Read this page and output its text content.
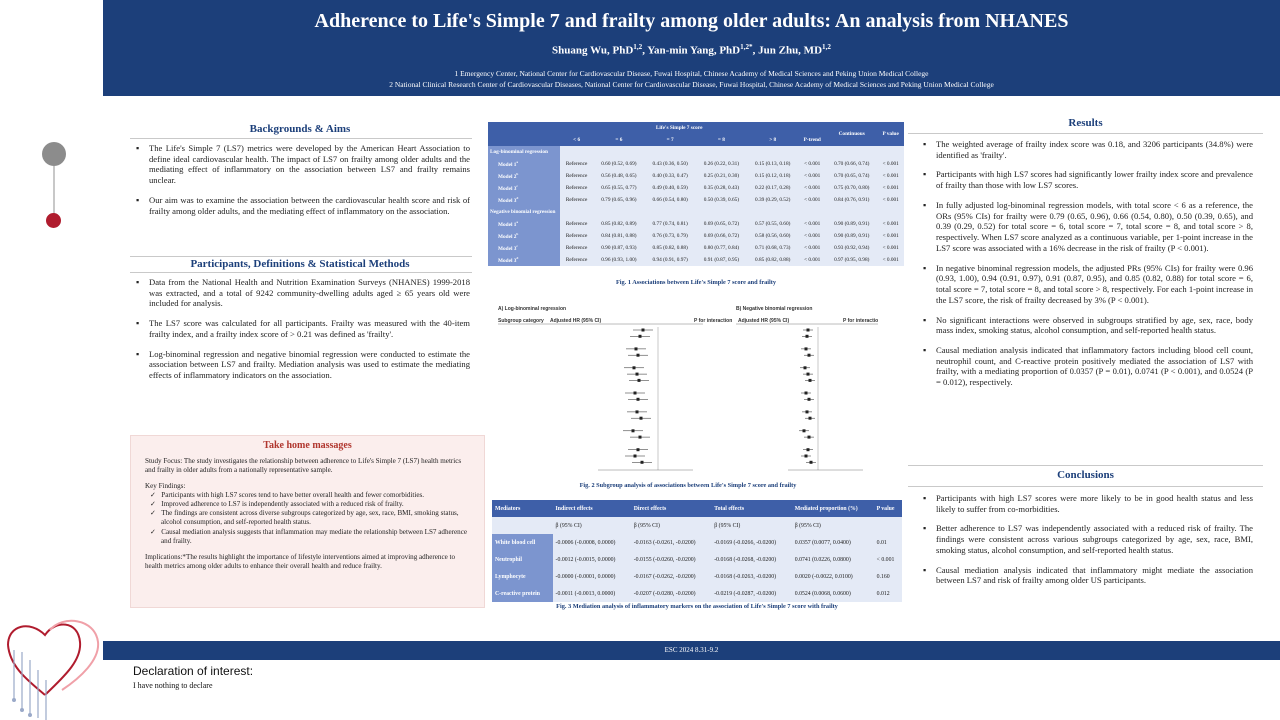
Adherence to Life's Simple 7 and frailty among older adults: An analysis from NHANES
Shuang Wu, PhD$^{1,2}$, Yan-min Yang, PhD$^{1,2*}$, Jun Zhu, MD$^{1,2}$
1 Emergency Center, National Center for Cardiovascular Disease, Fuwai Hospital, Chinese Academy of Medical Sciences and Peking Union Medical College
2 National Clinical Research Center of Cardiovascular Diseases, National Center for Cardiovascular Disease, Fuwai Hospital, Chinese Academy of Medical Sciences and Peking Union Medical College
Backgrounds & Aims
▪ The Life's Simple 7 (LS7) metrics were developed by the American Heart Association to define ideal cardiovascular health. The impact of LS7 on frailty among older adults and the mediating effect of inflammatory on the association between LS7 and frailty remains unclear.
▪ Our aim was to examine the association between the cardiovascular health score and risk of frailty among older adults, and the mediating effect of inflammatory on the association.
Participants, Definitions & Statistical Methods
▪ Data from the National Health and Nutrition Examination Surveys (NHANES) 1999-2018 was extracted, and a total of 9242 community-dwelling adults aged ≥ 65 years old were included for analysis.
▪ The LS7 score was calculated for all participants. Frailty was measured with the 40-item frailty index, and a frailty index score of > 0.21 was defined as 'frailty'.
▪ Log-binominal regression and negative binomial regression were conducted to estimate the association between LS7 and frailty. Mediation analysis was used to estimate the mediating effects of inflammatory indicators on the association.
Take home massages

Study Focus: The study investigates the relationship between adherence to Life's Simple 7 (LS7) health metrics and frailty in older adults from a nationally representative sample.

Key Findings:
✓   Participants with high LS7 scores tend to have better overall health and fewer comorbidities.
✓   Improved adherence to LS7 is independently associated with a reduced risk of frailty.
✓   The findings are consistent across diverse subgroups categorized by age, sex, race, BMI, smoking status, alcohol consumption, and self-reported health status.
✓   Causal mediation analysis suggests that inflammation may mediate the relationship between LS7 adherence and frailty.

Implications:*The results highlight the importance of lifestyle interventions aimed at improving adherence to health metrics among older adults to enhance their overall health and reduce frailty.

	Life's Simple 7 score						Continuous	P value
	< 6	= 6	= 7	= 8	> 8	P-trend		
Log-binominal regression								
Model 1$^a$	Reference	0.60 (0.52, 0.69)	0.43 (0.36, 0.50)	0.26 (0.22, 0.31)	0.15 (0.13, 0.18)	< 0.001	0.70 (0.66, 0.74)	< 0.001
Model 2$^b$	Reference	0.56 (0.48, 0.65)	0.40 (0.33, 0.47)	0.25 (0.21, 0.30)	0.15 (0.12, 0.18)	< 0.001	0.70 (0.65, 0.74)	< 0.001
Model 3$^c$	Reference	0.65 (0.55, 0.77)	0.49 (0.40, 0.59)	0.35 (0.28, 0.43)	0.22 (0.17, 0.28)	< 0.001	0.75 (0.70, 0.80)	< 0.001
Model 3$^d$	Reference	0.79 (0.65, 0.96)	0.66 (0.54, 0.80)	0.50 (0.39, 0.65)	0.39 (0.29, 0.52)	< 0.001	0.84 (0.76, 0.91)	< 0.001
Negative binomial regression								
Model 1$^a$	Reference	0.85 (0.82, 0.89)	0.77 (0.74, 0.81)	0.69 (0.65, 0.72)	0.57 (0.55, 0.60)	< 0.001	0.90 (0.89, 0.91)	< 0.001
Model 2$^b$	Reference	0.84 (0.81, 0.88)	0.76 (0.73, 0.79)	0.69 (0.66, 0.72)	0.58 (0.56, 0.60)	< 0.001	0.90 (0.89, 0.91)	< 0.001
Model 3$^c$	Reference	0.90 (0.87, 0.93)	0.85 (0.82, 0.88)	0.80 (0.77, 0.84)	0.71 (0.68, 0.73)	< 0.001	0.93 (0.92, 0.94)	< 0.001
Model 3$^d$	Reference	0.96 (0.93, 1.00)	0.94 (0.91, 0.97)	0.91 (0.87, 0.95)	0.85 (0.82, 0.88)	< 0.001	0.97 (0.95, 0.98)	< 0.001
Fig. 1 Associations between Life's Simple 7 score and frailty
A) Log-binominal regression	B) Negative binomial regression
Subgroup category Adjusted HR (95% CI)	P for interaction Adjusted HR (95% CI)	P for interaction
Fig. 2 Subgroup analysis of associations between Life's Simple 7 score and frailty
Mediators	Indirect effects	Direct effects	Total effects	Mediated proportion (%)	P value
	β (95% CI)	β (95% CI)	β (95% CI)	β (95% CI)	
White blood cell	-0.0006 (-0.0008, 0.0000)	-0.0163 (-0.0261, -0.0200)	-0.0169 (-0.0266, -0.0200)	0.0357 (0.0077, 0.0400)	0.01
Neutrophil	-0.0012 (-0.0015, 0.0000)	-0.0155 (-0.0260, -0.0200)	-0.0168 (-0.0268, -0.0200)	0.0741 (0.0226, 0.0800)	< 0.001
Lymphocyte	-0.0000 (-0.0001, 0.0000)	-0.0167 (-0.0262, -0.0200)	-0.0168 (-0.0263, -0.0200)	0.0020 (-0.0022, 0.0100)	0.160
C-reactive protein	-0.0011 (-0.0013, 0.0000)	-0.0207 (-0.0280, -0.0200)	-0.0219 (-0.0287, -0.0200)	0.0524 (0.0068, 0.0600)	0.012
Fig. 3 Mediation analysis of inflammatory markers on the association of Life's Simple 7 score with frailty
Results
▪ The weighted average of frailty index score was 0.18, and 3206 participants (34.8%) were identified as 'frailty'.
▪ Participants with high LS7 scores had significantly lower frailty index score and prevalence of frailty than those with low LS7 scores.
▪ In fully adjusted log-binominal regression models, with total score < 6 as a reference, the ORs (95% CIs) for frailty were 0.79 (0.65, 0.96), 0.66 (0.54, 0.80), 0.50 (0.39, 0.65), and 0.39 (0.29, 0.52) for total score = 6, total score = 7, total score = 8, and total score > 8, respectively. When LS7 score analyzed as a continuous variable, per 1-point increase in the LS7 score was associated with a 16% decrease in the risk of frailty (P < 0.001).
▪ In negative binominal regression models, the adjusted PRs (95% CIs) for frailty were 0.96 (0.93, 1.00), 0.94 (0.91, 0.97), 0.91 (0.87, 0.95), and 0.85 (0.82, 0.88) for total score = 6, total score = 7, total score = 8, and total score > 8, respectively. For each 1-point increase in the LS7 score, the risk of frailty decreased by 3% (P < 0.001).
▪ No significant interactions were observed in subgroups stratified by age, sex, race, body mass index, smoking status, alcohol consumption, and self-reported health status.
▪ Causal mediation analysis indicated that inflammatory factors including blood cell count, neutrophil count, and C-reactive protein positively mediated the association of LS7 with frailty, with a mediating proportion of 0.0357 (P = 0.01), 0.0741 (P < 0.001), and 0.0524 (P = 0.012), respectively.
Conclusions
▪ Participants with high LS7 scores were more likely to be in good health status and less likely to suffer from co-morbidities.
▪ Better adherence to LS7 was independently associated with a reduced risk of frailty. The findings were consistent across various subgroups categorized by age, sex, race, BMI, smoking status, alcohol consumption, and self-reported health status.
▪ Causal mediation analysis indicated that inflammatory might mediate the association between LS7 and risk of frailty among older US participants.
ESC 2024 8.31-9.2
Declaration of interest:
I have nothing to declare
